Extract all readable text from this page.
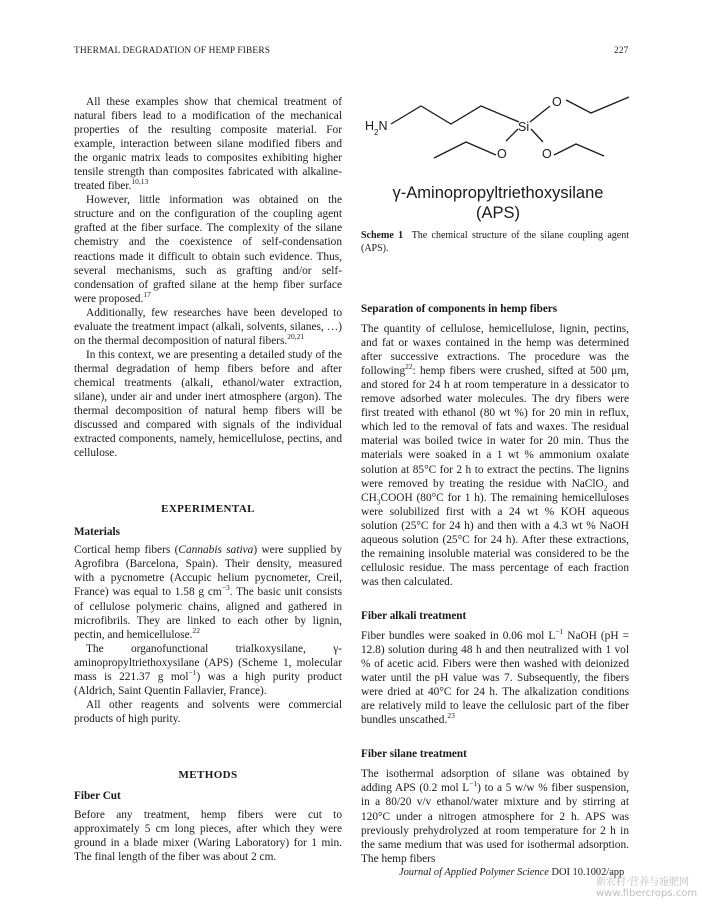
THERMAL DEGRADATION OF HEMP FIBERS	227

All these examples show that chemical treatment of natural fibers lead to a modification of the mechanical properties of the resulting composite material. For example, interaction between silane modified fibers and the organic matrix leads to composites exhibiting higher tensile strength than composites fabricated with alkaline-treated fiber.$^{10,13}$

However, little information was obtained on the structure and on the configuration of the coupling agent grafted at the fiber surface. The complexity of the silane chemistry and the coexistence of self-condensation reactions made it difficult to obtain such evidence. Thus, several mechanisms, such as grafting and/or self-condensation of grafted silane at the hemp fiber surface were proposed.$^{17}$

Additionally, few researches have been developed to evaluate the treatment impact (alkali, solvents, silanes, …) on the thermal decomposition of natural fibers.$^{20,21}$

In this context, we are presenting a detailed study of the thermal degradation of hemp fibers before and after chemical treatments (alkali, ethanol/water extraction, silane), under air and under inert atmosphere (argon). The thermal decomposition of natural hemp fibers will be discussed and compared with signals of the individual extracted components, namely, hemicellulose, pectins, and cellulose.

EXPERIMENTAL
Materials

Cortical hemp fibers (Cannabis sativa) were supplied by Agrofibra (Barcelona, Spain). Their density, measured with a pycnometre (Accupic helium pycnometer, Creil, France) was equal to 1.58 g $cm^{-3}$. The basic unit consists of cellulose polymeric chains, aligned and gathered in microfibrils. They are linked to each other by lignin, pectin, and hemicellulose.$^{22}$

The organofunctional trialkoxysilane, γ-aminopropyltriethoxysilane (APS) (Scheme 1, molecular mass is 221.37 g mol$^{-1}$) was a high purity product (Aldrich, Saint Quentin Fallavier, France).

All other reagents and solvents were commercial products of high purity.

METHODS
Fiber Cut

Before any treatment, hemp fibers were cut to approximately 5 cm long pieces, after which they were ground in a blade mixer (Waring Laboratory) for 1 min. The final length of the fiber was about 2 cm.

$H_2N$	Si
O
O	O
γ-Aminopropyltriethoxysilane
(APS)
Scheme 1 The chemical structure of the silane coupling agent (APS).
Separation of components in hemp fibers

The quantity of cellulose, hemicellulose, lignin, pectins, and fat or waxes contained in the hemp was determined after successive extractions. The procedure was the following$^{22}$: hemp fibers were crushed, sifted at 500 μm, and stored for 24 h at room temperature in a dessicator to remove adsorbed water molecules. The dry fibers were first treated with ethanol (80 wt %) for 20 min in reflux, which led to the removal of fats and waxes. The residual material was boiled twice in water for 20 min. Thus the materials were soaked in a 1 wt % ammonium oxalate solution at 85°C for 2 h to extract the pectins. The lignins were removed by treating the residue with NaClO$_2$ and $CH_3COOH$ (80°C for 1 h). The remaining hemicelluloses were solubilized first with a 24 wt % KOH aqueous solution (25°C for 24 h) and then with a 4.3 wt % NaOH aqueous solution (25°C for 24 h). After these extractions, the remaining insoluble material was considered to be the cellulosic residue. The mass percentage of each fraction was then calculated.

Fiber alkali treatment

Fiber bundles were soaked in 0.06 mol $L^{-1}$ NaOH (pH = 12.8) solution during 48 h and then neutralized with 1 vol % of acetic acid. Fibers were then washed with deionized water until the pH value was 7. Subsequently, the fibers were dried at 40°C for 24 h. The alkalization conditions are relatively mild to leave the cellulosic part of the fiber bundles unscathed.$^{23}$

Fiber silane treatment

The isothermal adsorption of silane was obtained by adding APS (0.2 mol $L^{-1}$) to a 5 w/w % fiber suspension, in a 80/20 v/v ethanol/water mixture and by stirring at 120°C under a nitrogen atmosphere for 2 h. APS was previously prehydrolyzed at room temperature for 2 h in the same medium that was used for isothermal adsorption. The hemp fibers

Journal of Applied Polymer Science DOI 10.1002/app
新农村·营养与施肥网
www.fibercrops.com
